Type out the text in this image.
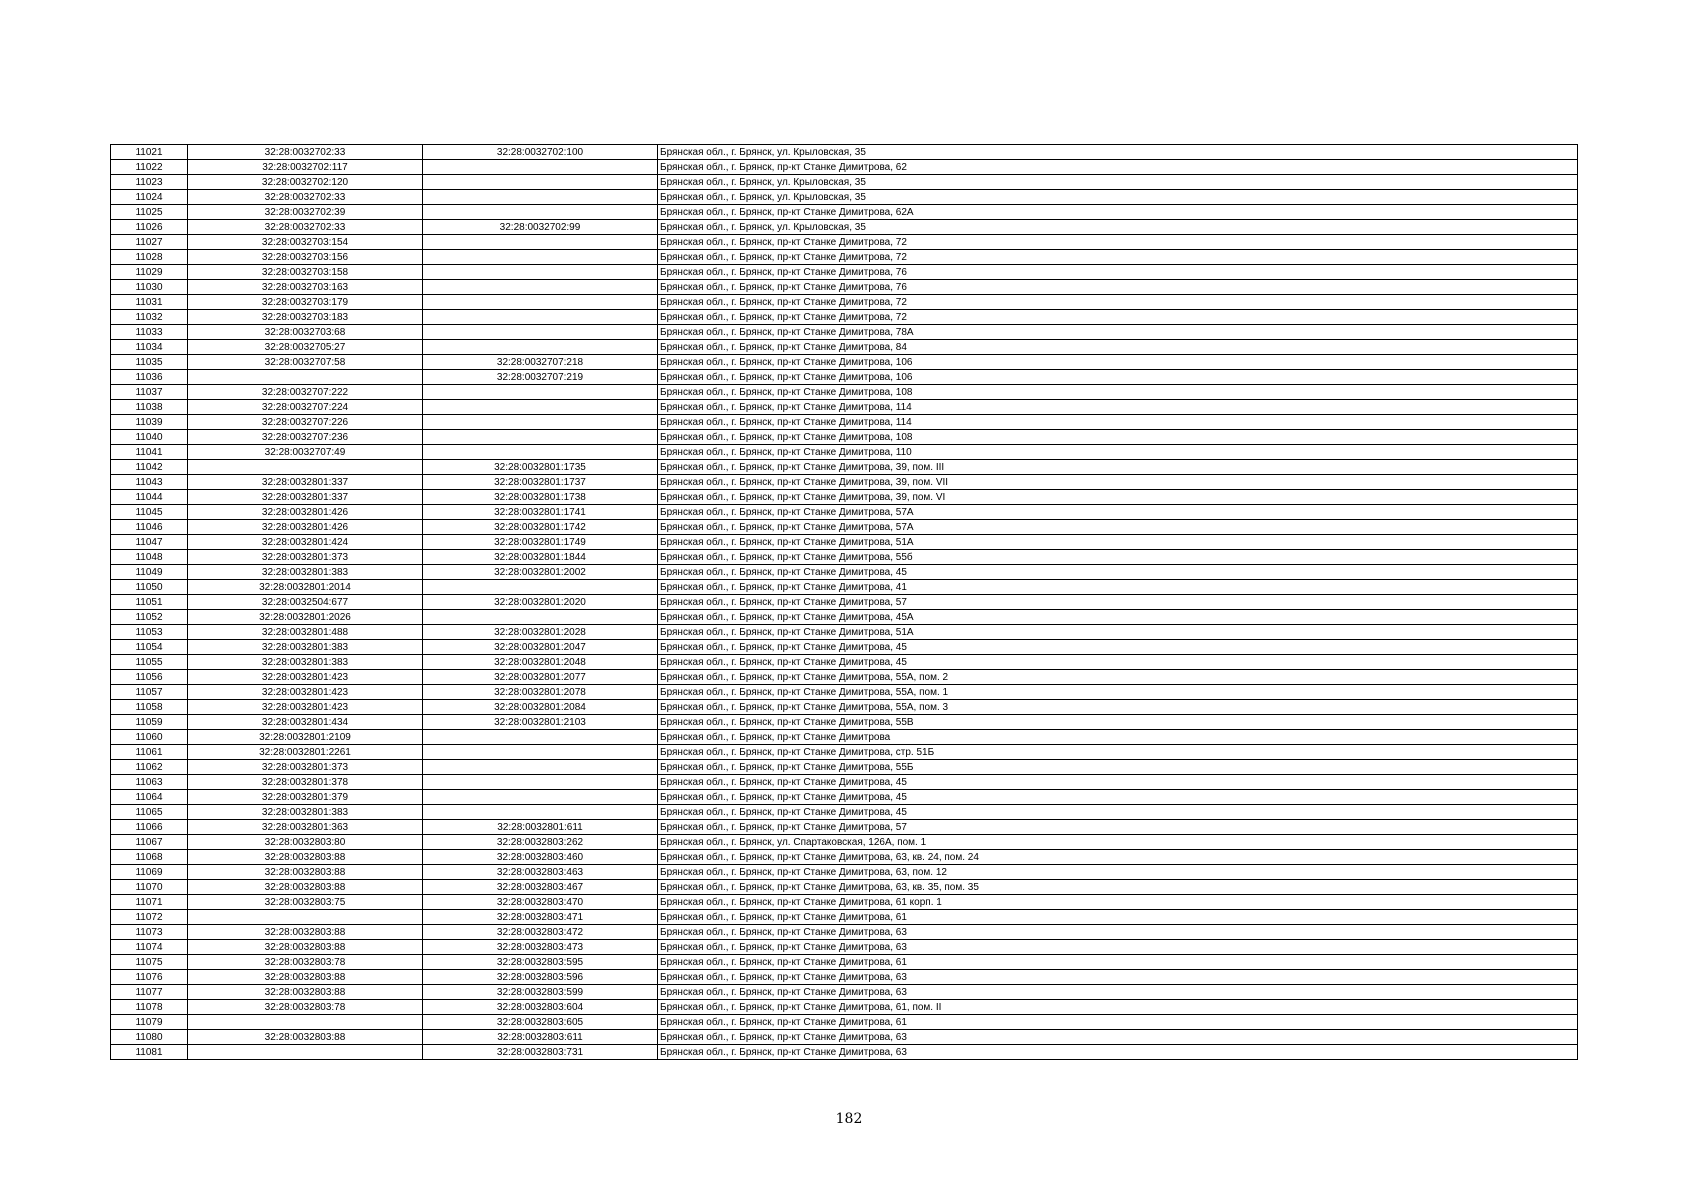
11021	32:28:0032702:33	32:28:0032702:100	Брянская обл., г. Брянск, ул. Крыловская, 35
11022	32:28:0032702:117		Брянская обл., г. Брянск, пр-кт Станке Димитрова, 62
11023	32:28:0032702:120		Брянская обл., г. Брянск, ул. Крыловская, 35
11024	32:28:0032702:33		Брянская обл., г. Брянск, ул. Крыловская, 35
11025	32:28:0032702:39		Брянская обл., г. Брянск, пр-кт Станке Димитрова, 62А
11026	32:28:0032702:33	32:28:0032702:99	Брянская обл., г. Брянск, ул. Крыловская, 35
11027	32:28:0032703:154		Брянская обл., г. Брянск, пр-кт Станке Димитрова, 72
11028	32:28:0032703:156		Брянская обл., г. Брянск, пр-кт Станке Димитрова, 72
11029	32:28:0032703:158		Брянская обл., г. Брянск, пр-кт Станке Димитрова, 76
11030	32:28:0032703:163		Брянская обл., г. Брянск, пр-кт Станке Димитрова, 76
11031	32:28:0032703:179		Брянская обл., г. Брянск, пр-кт Станке Димитрова, 72
11032	32:28:0032703:183		Брянская обл., г. Брянск, пр-кт Станке Димитрова, 72
11033	32:28:0032703:68		Брянская обл., г. Брянск, пр-кт Станке Димитрова, 78А
11034	32:28:0032705:27		Брянская обл., г. Брянск, пр-кт Станке Димитрова, 84
11035	32:28:0032707:58	32:28:0032707:218	Брянская обл., г. Брянск, пр-кт Станке Димитрова, 106
11036		32:28:0032707:219	Брянская обл., г. Брянск, пр-кт Станке Димитрова, 106
11037	32:28:0032707:222		Брянская обл., г. Брянск, пр-кт Станке Димитрова, 108
11038	32:28:0032707:224		Брянская обл., г. Брянск, пр-кт Станке Димитрова, 114
11039	32:28:0032707:226		Брянская обл., г. Брянск, пр-кт Станке Димитрова, 114
11040	32:28:0032707:236		Брянская обл., г. Брянск, пр-кт Станке Димитрова, 108
11041	32:28:0032707:49		Брянская обл., г. Брянск, пр-кт Станке Димитрова, 110
11042		32:28:0032801:1735	Брянская обл., г. Брянск, пр-кт Станке Димитрова, 39, пом. III
11043	32:28:0032801:337	32:28:0032801:1737	Брянская обл., г. Брянск, пр-кт Станке Димитрова, 39, пом. VII
11044	32:28:0032801:337	32:28:0032801:1738	Брянская обл., г. Брянск, пр-кт Станке Димитрова, 39, пом. VI
11045	32:28:0032801:426	32:28:0032801:1741	Брянская обл., г. Брянск, пр-кт Станке Димитрова, 57А
11046	32:28:0032801:426	32:28:0032801:1742	Брянская обл., г. Брянск, пр-кт Станке Димитрова, 57А
11047	32:28:0032801:424	32:28:0032801:1749	Брянская обл., г. Брянск, пр-кт Станке Димитрова, 51А
11048	32:28:0032801:373	32:28:0032801:1844	Брянская обл., г. Брянск, пр-кт Станке Димитрова, 55б
11049	32:28:0032801:383	32:28:0032801:2002	Брянская обл., г. Брянск, пр-кт Станке Димитрова, 45
11050	32:28:0032801:2014		Брянская обл., г. Брянск, пр-кт Станке Димитрова, 41
11051	32:28:0032504:677	32:28:0032801:2020	Брянская обл., г. Брянск, пр-кт Станке Димитрова, 57
11052	32:28:0032801:2026		Брянская обл., г. Брянск, пр-кт Станке Димитрова, 45А
11053	32:28:0032801:488	32:28:0032801:2028	Брянская обл., г. Брянск, пр-кт Станке Димитрова, 51А
11054	32:28:0032801:383	32:28:0032801:2047	Брянская обл., г. Брянск, пр-кт Станке Димитрова, 45
11055	32:28:0032801:383	32:28:0032801:2048	Брянская обл., г. Брянск, пр-кт Станке Димитрова, 45
11056	32:28:0032801:423	32:28:0032801:2077	Брянская обл., г. Брянск, пр-кт Станке Димитрова, 55А, пом. 2
11057	32:28:0032801:423	32:28:0032801:2078	Брянская обл., г. Брянск, пр-кт Станке Димитрова, 55А, пом. 1
11058	32:28:0032801:423	32:28:0032801:2084	Брянская обл., г. Брянск, пр-кт Станке Димитрова, 55А, пом. 3
11059	32:28:0032801:434	32:28:0032801:2103	Брянская обл., г. Брянск, пр-кт Станке Димитрова, 55В
11060	32:28:0032801:2109		Брянская обл., г. Брянск, пр-кт Станке Димитрова
11061	32:28:0032801:2261		Брянская обл., г. Брянск, пр-кт Станке Димитрова, стр. 51Б
11062	32:28:0032801:373		Брянская обл., г. Брянск, пр-кт Станке Димитрова, 55Б
11063	32:28:0032801:378		Брянская обл., г. Брянск, пр-кт Станке Димитрова, 45
11064	32:28:0032801:379		Брянская обл., г. Брянск, пр-кт Станке Димитрова, 45
11065	32:28:0032801:383		Брянская обл., г. Брянск, пр-кт Станке Димитрова, 45
11066	32:28:0032801:363	32:28:0032801:611	Брянская обл., г. Брянск, пр-кт Станке Димитрова, 57
11067	32:28:0032803:80	32:28:0032803:262	Брянская обл., г. Брянск, ул. Спартаковская, 126А, пом. 1
11068	32:28:0032803:88	32:28:0032803:460	Брянская обл., г. Брянск, пр-кт Станке Димитрова, 63, кв. 24, пом. 24
11069	32:28:0032803:88	32:28:0032803:463	Брянская обл., г. Брянск, пр-кт Станке Димитрова, 63, пом. 12
11070	32:28:0032803:88	32:28:0032803:467	Брянская обл., г. Брянск, пр-кт Станке Димитрова, 63, кв. 35, пом. 35
11071	32:28:0032803:75	32:28:0032803:470	Брянская обл., г. Брянск, пр-кт Станке Димитрова, 61 корп. 1
11072		32:28:0032803:471	Брянская обл., г. Брянск, пр-кт Станке Димитрова, 61
11073	32:28:0032803:88	32:28:0032803:472	Брянская обл., г. Брянск, пр-кт Станке Димитрова, 63
11074	32:28:0032803:88	32:28:0032803:473	Брянская обл., г. Брянск, пр-кт Станке Димитрова, 63
11075	32:28:0032803:78	32:28:0032803:595	Брянская обл., г. Брянск, пр-кт Станке Димитрова, 61
11076	32:28:0032803:88	32:28:0032803:596	Брянская обл., г. Брянск, пр-кт Станке Димитрова, 63
11077	32:28:0032803:88	32:28:0032803:599	Брянская обл., г. Брянск, пр-кт Станке Димитрова, 63
11078	32:28:0032803:78	32:28:0032803:604	Брянская обл., г. Брянск, пр-кт Станке Димитрова, 61, пом. II
11079		32:28:0032803:605	Брянская обл., г. Брянск, пр-кт Станке Димитрова, 61
11080	32:28:0032803:88	32:28:0032803:611	Брянская обл., г. Брянск, пр-кт Станке Димитрова, 63
11081		32:28:0032803:731	Брянская обл., г. Брянск, пр-кт Станке Димитрова, 63
182
